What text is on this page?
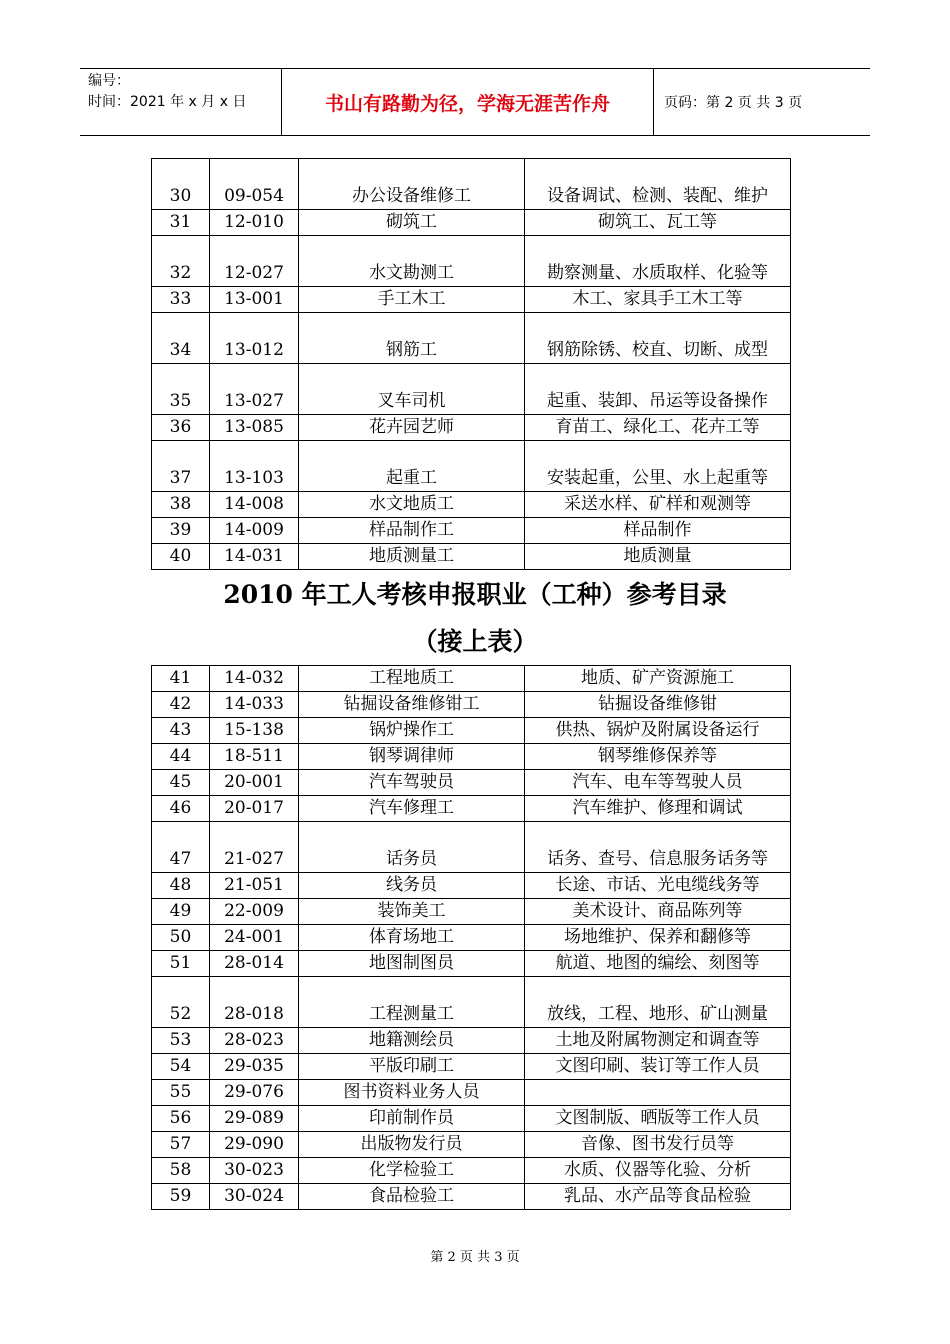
编号：
时间：2021 年 x 月 x 日	书山有路勤为径，学海无涯苦作舟	页码：第 2 页 共 3 页
30	09-054	办公设备维修工	设备调试、检测、装配、维护
31	12-010	砌筑工	砌筑工、瓦工等
32	12-027	水文勘测工	勘察测量、水质取样、化验等
33	13-001	手工木工	木工、家具手工木工等
34	13-012	钢筋工	钢筋除锈、校直、切断、成型
35	13-027	叉车司机	起重、装卸、吊运等设备操作
36	13-085	花卉园艺师	育苗工、绿化工、花卉工等
37	13-103	起重工	安装起重，公里、水上起重等
38	14-008	水文地质工	采送水样、矿样和观测等
39	14-009	样品制作工	样品制作
40	14-031	地质测量工	地质测量
2010 年工人考核申报职业（工种）参考目录
（接上表）
41	14-032	工程地质工	地质、矿产资源施工
42	14-033	钻掘设备维修钳工	钻掘设备维修钳
43	15-138	锅炉操作工	供热、锅炉及附属设备运行
44	18-511	钢琴调律师	钢琴维修保养等
45	20-001	汽车驾驶员	汽车、电车等驾驶人员
46	20-017	汽车修理工	汽车维护、修理和调试
47	21-027	话务员	话务、查号、信息服务话务等
48	21-051	线务员	长途、市话、光电缆线务等
49	22-009	装饰美工	美术设计、商品陈列等
50	24-001	体育场地工	场地维护、保养和翻修等
51	28-014	地图制图员	航道、地图的编绘、刻图等
52	28-018	工程测量工	放线，工程、地形、矿山测量
53	28-023	地籍测绘员	土地及附属物测定和调查等
54	29-035	平版印刷工	文图印刷、装订等工作人员
55	29-076	图书资料业务人员	
56	29-089	印前制作员	文图制版、晒版等工作人员
57	29-090	出版物发行员	音像、图书发行员等
58	30-023	化学检验工	水质、仪器等化验、分析
59	30-024	食品检验工	乳品、水产品等食品检验
第 2 页 共 3 页
